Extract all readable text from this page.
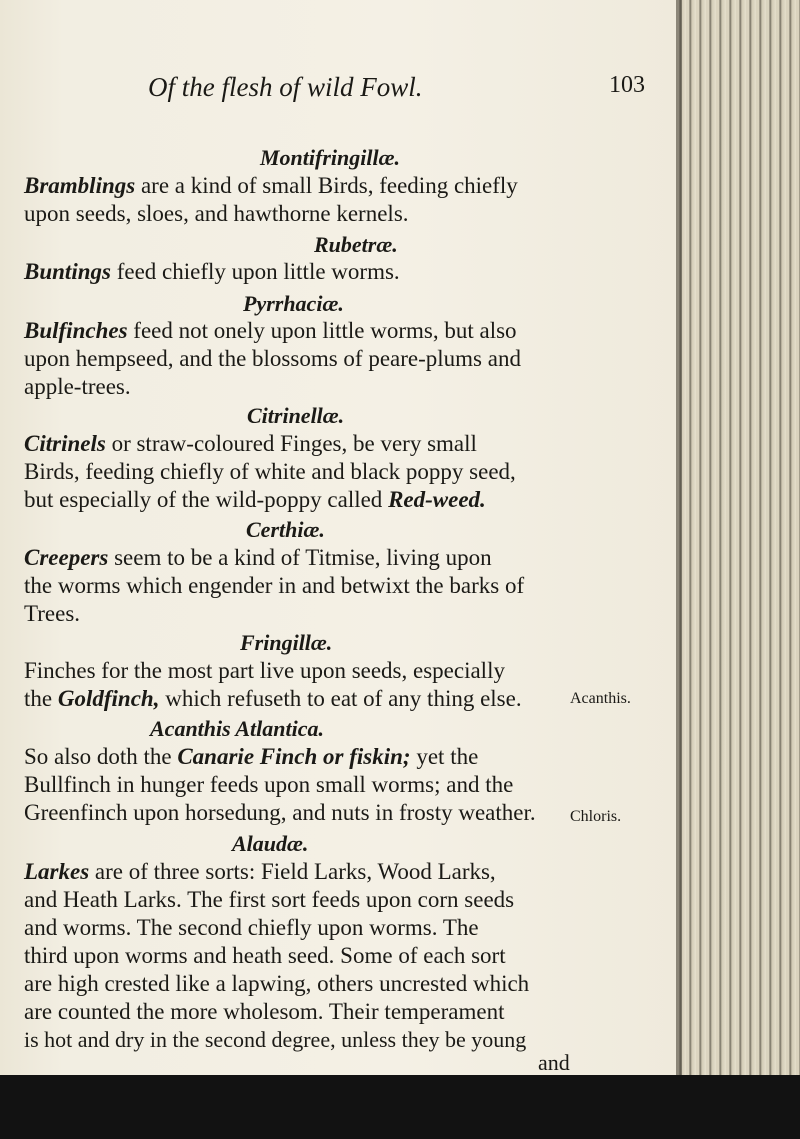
Of the flesh of wild Fowl.	103
Montifringillæ.
Bramblings are a kind of small Birds, feeding chiefly
upon seeds, sloes, and hawthorne kernels.
Rubetræ.
Buntings feed chiefly upon little worms.
Pyrrhaciæ.
Bulfinches feed not onely upon little worms, but also
upon hempseed, and the blossoms of peare-plums and
apple-trees.
Citrinellæ.
Citrinels or straw-coloured Finges, be very small
Birds, feeding chiefly of white and black poppy seed,
but especially of the wild-poppy called Red-weed.
Certhiæ.
Creepers seem to be a kind of Titmise, living upon
the worms which engender in and betwixt the barks of
Trees.
Fringillæ.
Finches for the most part live upon seeds, especially
the Goldfinch, which refuseth to eat of any thing else.	Acanthis.
Acanthis Atlantica.
So also doth the Canarie Finch or fiskin; yet the
Bullfinch in hunger feeds upon small worms; and the
Greenfinch upon horsedung, and nuts in frosty weather. Chloris.
Alaudæ.
Larkes are of three sorts: Field Larks, Wood Larks,
and Heath Larks. The first sort feeds upon corn seeds
and worms. The second chiefly upon worms. The
third upon worms and heath seed. Some of each sort
are high crested like a lapwing, others uncrested which
are counted the more wholesom. Their temperament
is hot and dry in the second degree, unless they be young
and
